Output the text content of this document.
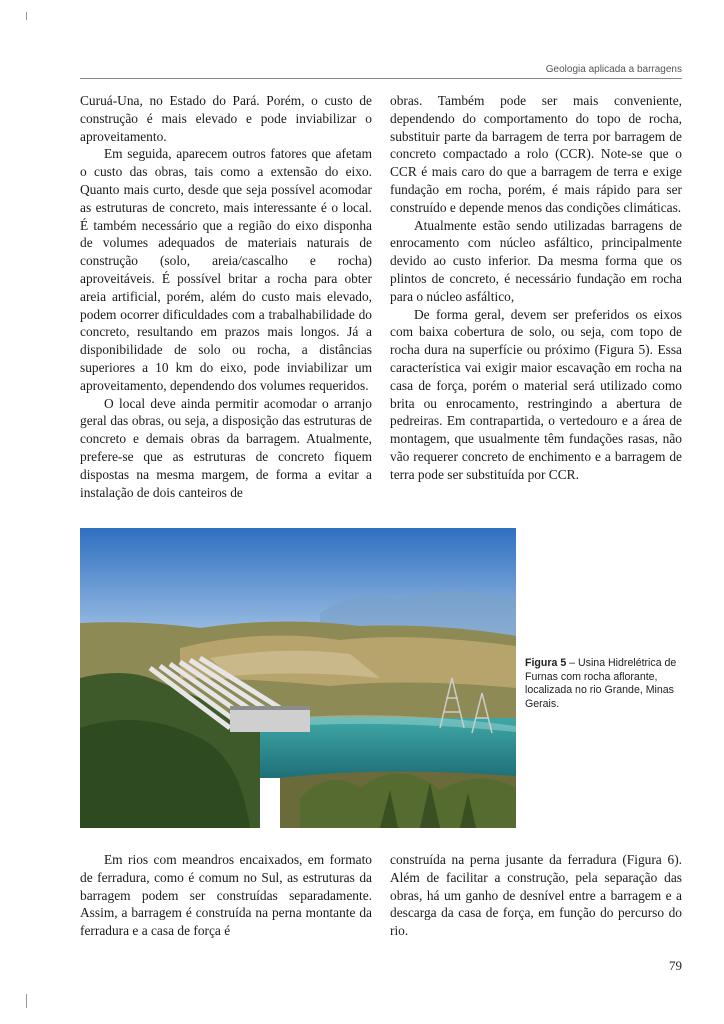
Geologia aplicada a barragens

Curuá-Una, no Estado do Pará. Porém, o custo de construção é mais elevado e pode inviabilizar o aproveitamento.

Em seguida, aparecem outros fatores que afetam o custo das obras, tais como a extensão do eixo. Quanto mais curto, desde que seja possível acomodar as estruturas de concreto, mais interessante é o local. É também necessário que a região do eixo disponha de volumes adequados de materiais naturais de construção (solo, areia/cascalho e rocha) aproveitáveis. É possível britar a rocha para obter areia artificial, porém, além do custo mais elevado, podem ocorrer dificuldades com a trabalhabilidade do concreto, resultando em prazos mais longos. Já a disponibilidade de solo ou rocha, a distâncias superiores a 10 km do eixo, pode inviabilizar um aproveitamento, dependendo dos volumes requeridos.

O local deve ainda permitir acomodar o arranjo geral das obras, ou seja, a disposição das estruturas de concreto e demais obras da barragem. Atualmente, prefere-se que as estruturas de concreto fiquem dispostas na mesma margem, de forma a evitar a instalação de dois canteiros de

obras. Também pode ser mais conveniente, dependendo do comportamento do topo de rocha, substituir parte da barragem de terra por barragem de concreto compactado a rolo (CCR). Note-se que o CCR é mais caro do que a barragem de terra e exige fundação em rocha, porém, é mais rápido para ser construído e depende menos das condições climáticas.

Atualmente estão sendo utilizadas barragens de enrocamento com núcleo asfáltico, principalmente devido ao custo inferior. Da mesma forma que os plintos de concreto, é necessário fundação em rocha para o núcleo asfáltico,

De forma geral, devem ser preferidos os eixos com baixa cobertura de solo, ou seja, com topo de rocha dura na superfície ou próximo (Figura 5). Essa característica vai exigir maior escavação em rocha na casa de força, porém o material será utilizado como brita ou enrocamento, restringindo a abertura de pedreiras. Em contrapartida, o vertedouro e a área de montagem, que usualmente têm fundações rasas, não vão requerer concreto de enchimento e a barragem de terra pode ser substituída por CCR.

Figura 5 – Usina Hidrelétrica de Furnas com rocha aflorante, localizada no rio Grande, Minas Gerais.

Em rios com meandros encaixados, em formato de ferradura, como é comum no Sul, as estruturas da barragem podem ser construídas separadamente. Assim, a barragem é construída na perna montante da ferradura e a casa de força é

construída na perna jusante da ferradura (Figura 6). Além de facilitar a construção, pela separação das obras, há um ganho de desnível entre a barragem e a descarga da casa de força, em função do percurso do rio.

79
